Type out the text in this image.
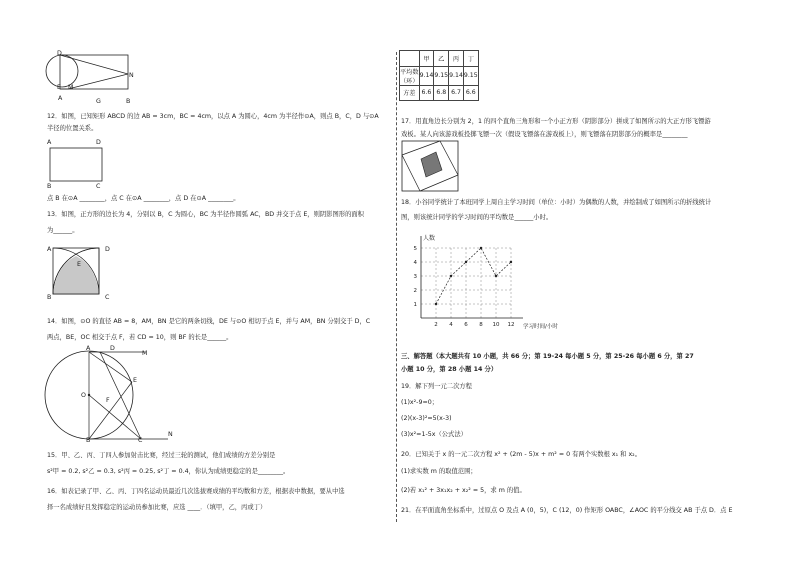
D
E M
A	G	B
N
12．如图，已知矩形 ABCD 的边 AB = 3cm，BC = 4cm，以点 A 为圆心，4cm 为半径作⊙A，则点 B，C，D 与⊙A
半径的位置关系。
A	D
B	C
点 B 在⊙A ________，点 C 在⊙A ________，点 D 在⊙A ________。
13．如图，正方形的边长为 4，分别以 B，C 为圆心，BC 为半径作圆弧 AC，BD 并交于点 E，则阴影图形的面积
为______。
A	D
E
B	C
14．如图，⊙O 的直径 AB = 8，AM，BN 是它的两条切线，DE 与⊙O 相切于点 E，并与 AM，BN 分别交于 D，C
两点，BE，OC 相交于点 F，若 CD = 10，则 BF 的长是______。
A	D
M
E
O
F
B	C
N
15．甲、乙、丙、丁四人参加射击比赛，经过三轮的测试，他们成绩的方差分别是
s²甲 = 0.2, s²乙 = 0.3, s²丙 = 0.25, s²丁 = 0.4，你认为成绩更稳定的是________。
16．如表记录了甲、乙、丙、丁四名运动员最近几次选拔赛成绩的平均数和方差，根据表中数据，要从中选
择一名成绩好且发挥稳定的运动员参加比赛，应选 ____．（填甲，乙，丙或丁）
	甲	乙	丙	丁
平均数（环）	9.14	9.15	9.14	9.15
方差	6.6	6.8	6.7	6.6
17．用直角边长分别为 2，1 的四个直角三角形和一个小正方形（阴影部分）拼成了如图所示的大正方形飞镖游
戏板。某人向该游戏板投掷飞镖一次（假设飞镖落在游戏板上），则飞镖落在阴影部分的概率是________
18．小谷同学统计了本班同学上周自主学习时间（单位：小时）为偶数的人数，并绘制成了如图所示的折线统计
图，则该统计同学的学习时间的平均数是______小时。
1
2
3
4
5
2 4 6 8 10 12
人数
学习时间/小时
三、解答题（本大题共有 10 小题，共 66 分；第 19-24 每小题 5 分，第 25-26 每小题 6 分，第 27
小题 10 分，第 28 小题 14 分）
19．解下列一元二次方程
(1)x²-9=0；
(2)(x-3)²=5(x-3)
(3)x²=1-5x（公式法）
20．已知关于 x 的一元二次方程 x² + (2m - 5)x + m² = 0 有两个实数根 x₁ 和 x₂。
(1)求实数 m 的取值范围；
(2)若 x₁² + 3x₁x₂ + x₂² = 5，求 m 的值。
21．在平面直角坐标系中，过原点 O 及点 A (0，5)，C (12，0) 作矩形 OABC，∠AOC 的平分线交 AB 于点 D．点 E
